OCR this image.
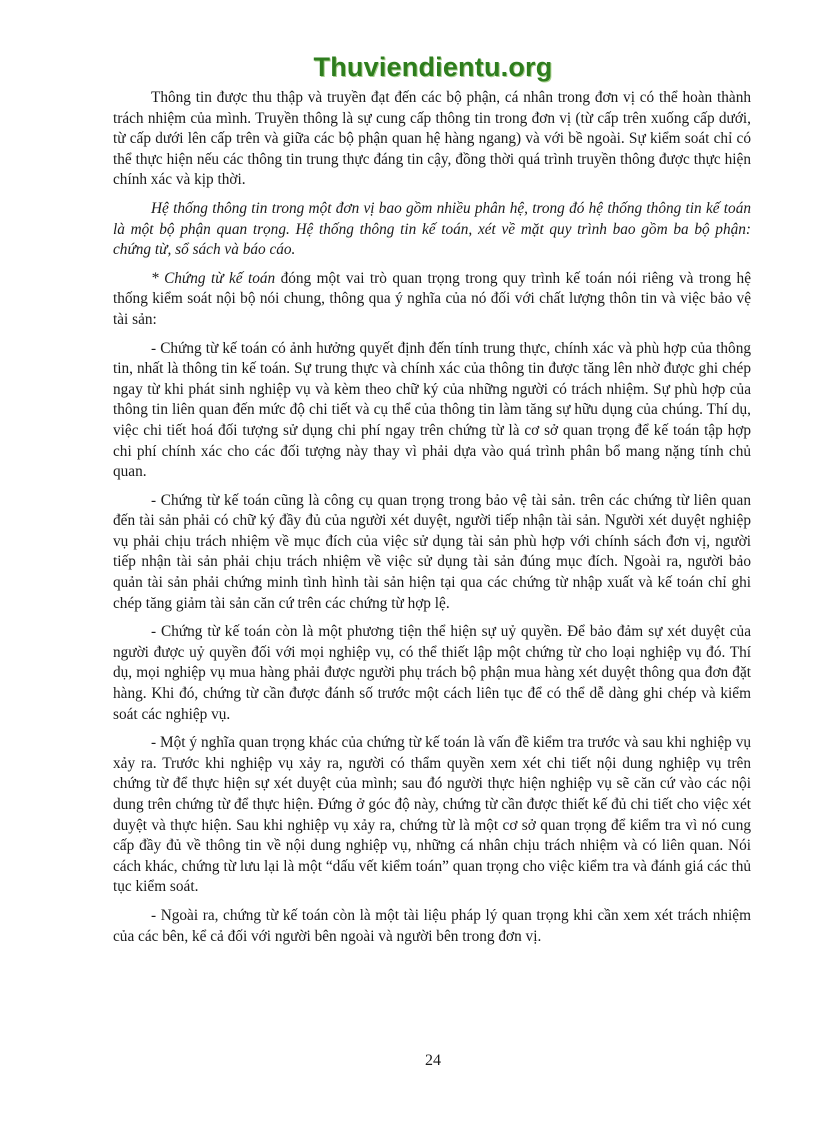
Thuviendientu.org

Thông tin được thu thập và truyền đạt đến các bộ phận, cá nhân trong đơn vị có thể hoàn thành trách nhiệm của mình. Truyền thông là sự cung cấp thông tin trong đơn vị (từ cấp trên xuống cấp dưới, từ cấp dưới lên cấp trên và giữa các bộ phận quan hệ hàng ngang) và với bề ngoài. Sự kiểm soát chỉ có thể thực hiện nếu các thông tin trung thực đáng tin cậy, đồng thời quá trình truyền thông được thực hiện chính xác và kịp thời.

Hệ thống thông tin trong một đơn vị bao gồm nhiều phân hệ, trong đó hệ thống thông tin kế toán là một bộ phận quan trọng. Hệ thống thông tin kế toán, xét về mặt quy trình bao gồm ba bộ phận: chứng từ, sổ sách và báo cáo.

* Chứng từ kế toán đóng một vai trò quan trọng trong quy trình kế toán nói riêng và trong hệ thống kiểm soát nội bộ nói chung, thông qua ý nghĩa của nó đối với chất lượng thôn tin và việc bảo vệ tài sản:

- Chứng từ kế toán có ảnh hưởng quyết định đến tính trung thực, chính xác và phù hợp của thông tin, nhất là thông tin kế toán. Sự trung thực và chính xác của thông tin được tăng lên nhờ được ghi chép ngay từ khi phát sinh nghiệp vụ và kèm theo chữ ký của những người có trách nhiệm. Sự phù hợp của thông tin liên quan đến mức độ chi tiết và cụ thể của thông tin làm tăng sự hữu dụng của chúng. Thí dụ, việc chi tiết hoá đối tượng sử dụng chi phí ngay trên chứng từ là cơ sở quan trọng để kế toán tập hợp chi phí chính xác cho các đối tượng này thay vì phải dựa vào quá trình phân bổ mang nặng tính chủ quan.

- Chứng từ kế toán cũng là công cụ quan trọng trong bảo vệ tài sản. trên các chứng từ liên quan đến tài sản phải có chữ ký đầy đủ của người xét duyệt, người tiếp nhận tài sản. Người xét duyệt nghiệp vụ phải chịu trách nhiệm về mục đích của việc sử dụng tài sản phù hợp với chính sách đơn vị, người tiếp nhận tài sản phải chịu trách nhiệm về việc sử dụng tài sản đúng mục đích. Ngoài ra, người bảo quản tài sản phải chứng minh tình hình tài sản hiện tại qua các chứng từ nhập xuất và kế toán chỉ ghi chép tăng giảm tài sản căn cứ trên các chứng từ hợp lệ.

- Chứng từ kế toán còn là một phương tiện thể hiện sự uỷ quyền. Để bảo đảm sự xét duyệt của người được uỷ quyền đối với mọi nghiệp vụ, có thể thiết lập một chứng từ cho loại nghiệp vụ đó. Thí dụ, mọi nghiệp vụ mua hàng phải được người phụ trách bộ phận mua hàng xét duyệt thông qua đơn đặt hàng. Khi đó, chứng từ cần được đánh số trước một cách liên tục để có thể dễ dàng ghi chép và kiểm soát các nghiệp vụ.

- Một ý nghĩa quan trọng khác của chứng từ kế toán là vấn đề kiểm tra trước và sau khi nghiệp vụ xảy ra. Trước khi nghiệp vụ xảy ra, người có thẩm quyền xem xét chi tiết nội dung nghiệp vụ trên chứng từ để thực hiện sự xét duyệt của mình; sau đó người thực hiện nghiệp vụ sẽ căn cứ vào các nội dung trên chứng từ để thực hiện. Đứng ở góc độ này, chứng từ cần được thiết kế đủ chi tiết cho việc xét duyệt và thực hiện. Sau khi nghiệp vụ xảy ra, chứng từ là một cơ sở quan trọng để kiểm tra vì nó cung cấp đầy đủ về thông tin về nội dung nghiệp vụ, những cá nhân chịu trách nhiệm và có liên quan. Nói cách khác, chứng từ lưu lại là một “dấu vết kiểm toán” quan trọng cho việc kiểm tra và đánh giá các thủ tục kiểm soát.

- Ngoài ra, chứng từ kế toán còn là một tài liệu pháp lý quan trọng khi cần xem xét trách nhiệm của các bên, kể cả đối với người bên ngoài và người bên trong đơn vị.

24
